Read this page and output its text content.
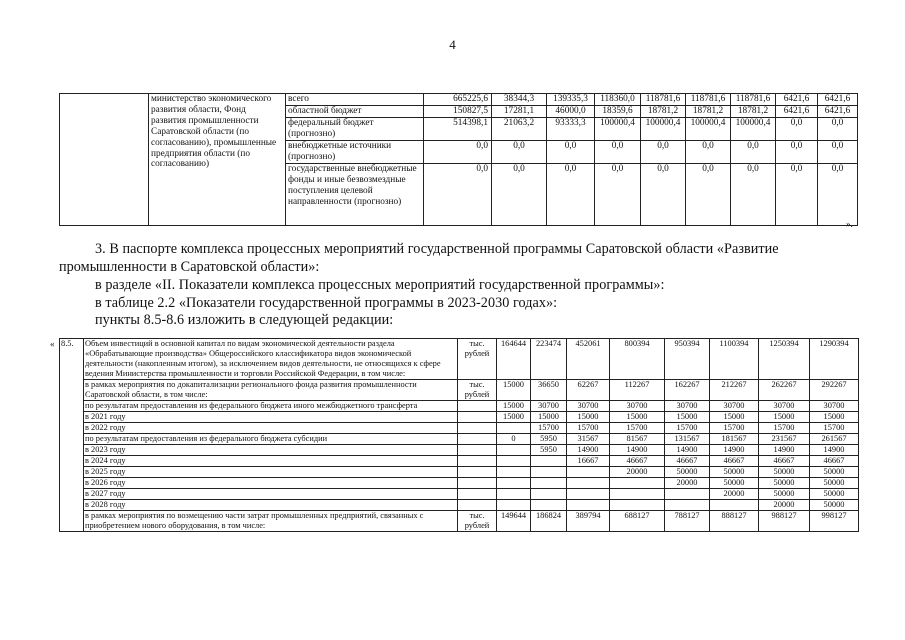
4
	министерство экономического развития области, Фонд развития промышленности Саратовской области (по согласованию), промышленные предприятия области (по согласованию)	всего	665225,6	38344,3	139335,3	118360,0	118781,6	118781,6	118781,6	6421,6	6421,6
		областной бюджет	150827,5	17281,1	46000,0	18359,6	18781,2	18781,2	18781,2	6421,6	6421,6
		федеральный бюджет (прогнозно)	514398,1	21063,2	93333,3	100000,4	100000,4	100000,4	100000,4	0,0	0,0
		внебюджетные источники (прогнозно)	0,0	0,0	0,0	0,0	0,0	0,0	0,0	0,0	0,0
		государственные внебюджетные фонды и иные безвозмездные поступления целевой направленности (прогнозно)	0,0	0,0	0,0	0,0	0,0	0,0	0,0	0,0	0,0
».
3. В паспорте комплекса процессных мероприятий государственной программы Саратовской области «Развитие
промышленности в Саратовской области»:
в разделе «II. Показатели комплекса процессных мероприятий государственной программы»:
в таблице 2.2 «Показатели государственной программы в 2023-2030 годах»:
пункты 8.5-8.6 изложить в следующей редакции:
« 8.5.	Объем инвестиций в основной капитал по видам экономической деятельности раздела «Обрабатывающие производства» Общероссийского классификатора видов экономической деятельности (накопленным итогом), за исключением видов деятельности, не относящихся к сфере ведения Министерства промышленности и торговли Российской Федерации, в том числе:	тыс. рублей	164644	223474	452061	800394	950394	1100394	1250394	1290394
	в рамках мероприятия по докапитализации регионального фонда развития промышленности Саратовской области, в том числе:	тыс. рублей	15000	36650	62267	112267	162267	212267	262267	292267
	по результатам предоставления из федерального бюджета иного межбюджетного трансферта		15000	30700	30700	30700	30700	30700	30700	30700
	в 2021 году		15000	15000	15000	15000	15000	15000	15000	15000
	в 2022 году			15700	15700	15700	15700	15700	15700	15700
	по результатам предоставления из федерального бюджета субсидии		0	5950	31567	81567	131567	181567	231567	261567
	в 2023 году			5950	14900	14900	14900	14900	14900	14900
	в 2024 году				16667	46667	46667	46667	46667	46667
	в 2025 году					20000	50000	50000	50000	50000
	в 2026 году						20000	50000	50000	50000
	в 2027 году							20000	50000	50000
	в 2028 году								20000	50000
	в рамках мероприятия по возмещению части затрат промышленных предприятий, связанных с приобретением нового оборудования, в том числе:	тыс. рублей	149644	186824	389794	688127	788127	888127	988127	998127
